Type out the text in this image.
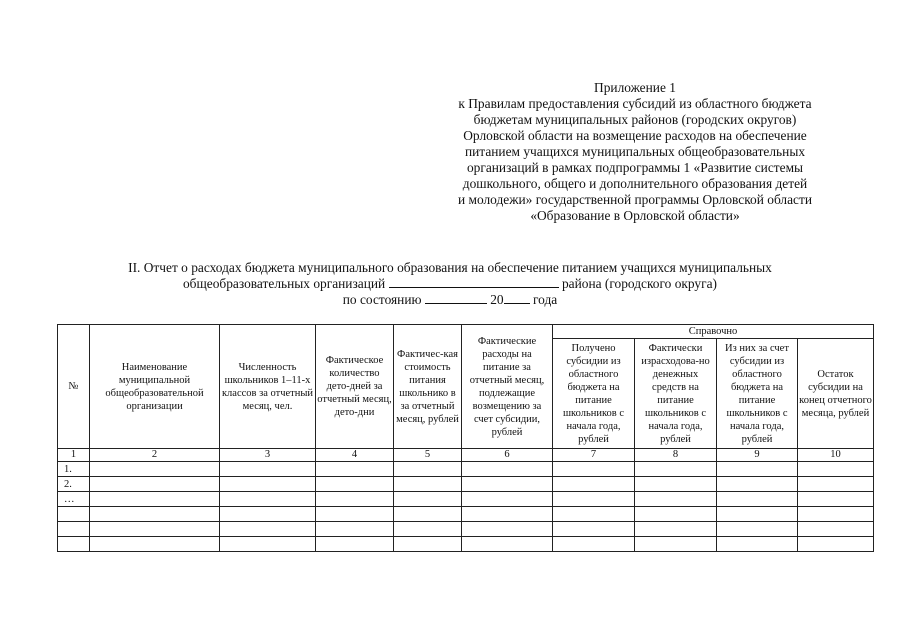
Приложение 1
к Правилам предоставления субсидий из областного бюджета
бюджетам муниципальных районов (городских округов)
Орловской области на возмещение расходов на обеспечение
питанием учащихся муниципальных общеобразовательных
организаций в рамках подпрограммы 1 «Развитие системы
дошкольного, общего и дополнительного образования детей
и молодежи» государственной программы Орловской области
«Образование в Орловской области»
II. Отчет о расходах бюджета муниципального образования на обеспечение питанием учащихся муниципальных
общеобразовательных организаций	района (городского округа)
по состоянию	20 года
№	Наименование муниципальной общеобразовательной организации	Численность школьников 1–11-х классов за отчетный месяц, чел.	Фактическое количество дето-дней за отчетный месяц, дето-дни	Фактичес-кая стоимость питания школьнико в за отчетный месяц, рублей	Фактические расходы на питание за отчетный месяц, подлежащие возмещению за счет субсидии, рублей	Справочно			
						Получено субсидии из областного бюджета на питание школьников с начала года, рублей	Фактически израсходова-но денежных средств на питание школьников с начала года, рублей	Из них за счет субсидии из областного бюджета на питание школьников с начала года, рублей	Остаток субсидии на конец отчетного месяца, рублей
1	2	3	4	5	6	7	8	9	10
1.									
2.									
…									
